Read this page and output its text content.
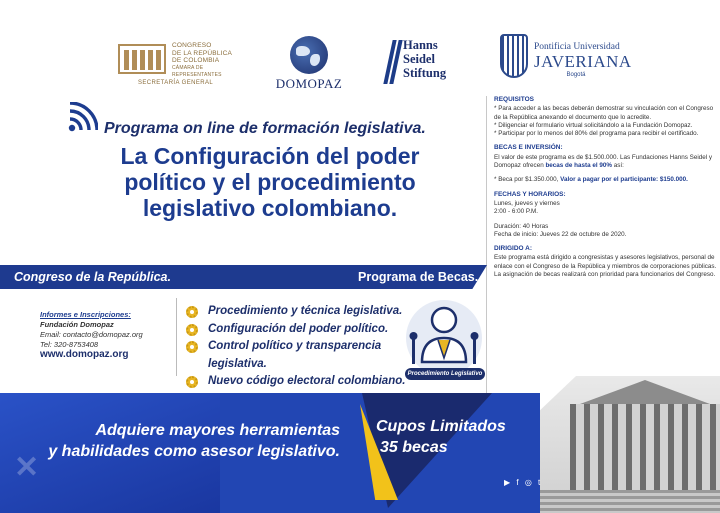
CONGRESO
DE LA REPÚBLICA
DE COLOMBIA
CÁMARA DE REPRESENTANTES
SECRETARÍA GENERAL	DOMOPAZ
Hanns
Seidel
Stiftung
Pontificia Universidad
JAVERIANA
Bogotá
Programa on line de formación legislativa.
La Configuración del poder
político y el procedimiento
legislativo colombiano.
REQUISITOS
* Para acceder a las becas deberán demostrar su vinculación con el Congreso de la República anexando el documento que lo acredite.
* Diligenciar el formulario virtual solicitándolo a la Fundación Domopaz.
* Participar por lo menos del 80% del programa para recibir el certificado.
BECAS E INVERSIÓN:
El valor de este programa es de $1.500.000. Las Fundaciones Hanns Seidel y Domopaz ofrecen becas de hasta el 90% así:
* Beca por $1.350.000, Valor a pagar por el participante: $150.000.
FECHAS Y HORARIOS:
Lunes, jueves y viernes
2:00 - 6:00 P.M.
Duración: 40 Horas
Fecha de inicio: Jueves 22 de octubre de 2020.
DIRIGIDO A:
Este programa está dirigido a congresistas y asesores legislativos, personal de enlace con el Congreso de la República y miembros de corporaciones públicas. La asignación de becas realizará con prioridad para funcionarios del Congreso.
Congreso de la República.	Programa de Becas.
Informes e Inscripciones:
Fundación Domopaz
Email: contacto@domopaz.org
Tel: 320-8753408
www.domopaz.org
Procedimiento y técnica legislativa.
Configuración del poder político.
Control político y transparencia legislativa.
Nuevo código electoral colombiano.
Procedimiento Legislativo
✕
Adquiere mayores herramientas
y habilidades como asesor legislativo.
Cupos Limitados
35 becas
▶ f ◎ t
